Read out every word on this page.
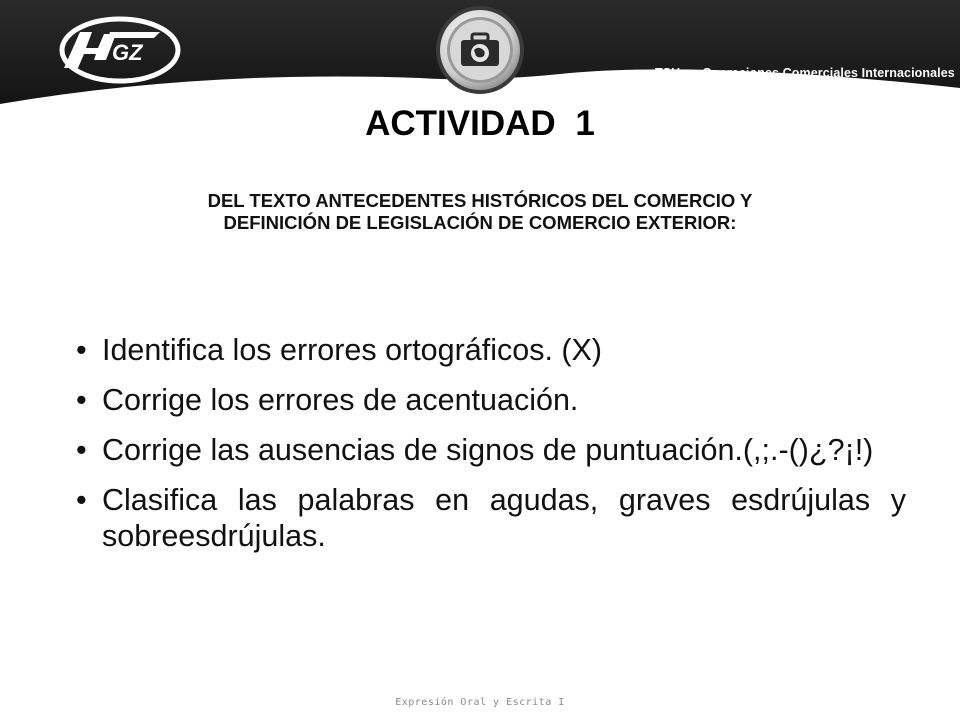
GZ
TSU en Operaciones Comerciales Internacionales
ACTIVIDAD 1
DEL TEXTO ANTECEDENTES HISTÓRICOS DEL COMERCIO Y
DEFINICIÓN DE LEGISLACIÓN DE COMERCIO EXTERIOR:
• Identifica los errores ortográficos. (X)
• Corrige los errores de acentuación.
• Corrige las ausencias de signos de puntuación.(,;.-()¿?¡!)
• Clasifica las palabras en agudas, graves esdrújulas y sobreesdrújulas.
Expresión Oral y Escrita I
